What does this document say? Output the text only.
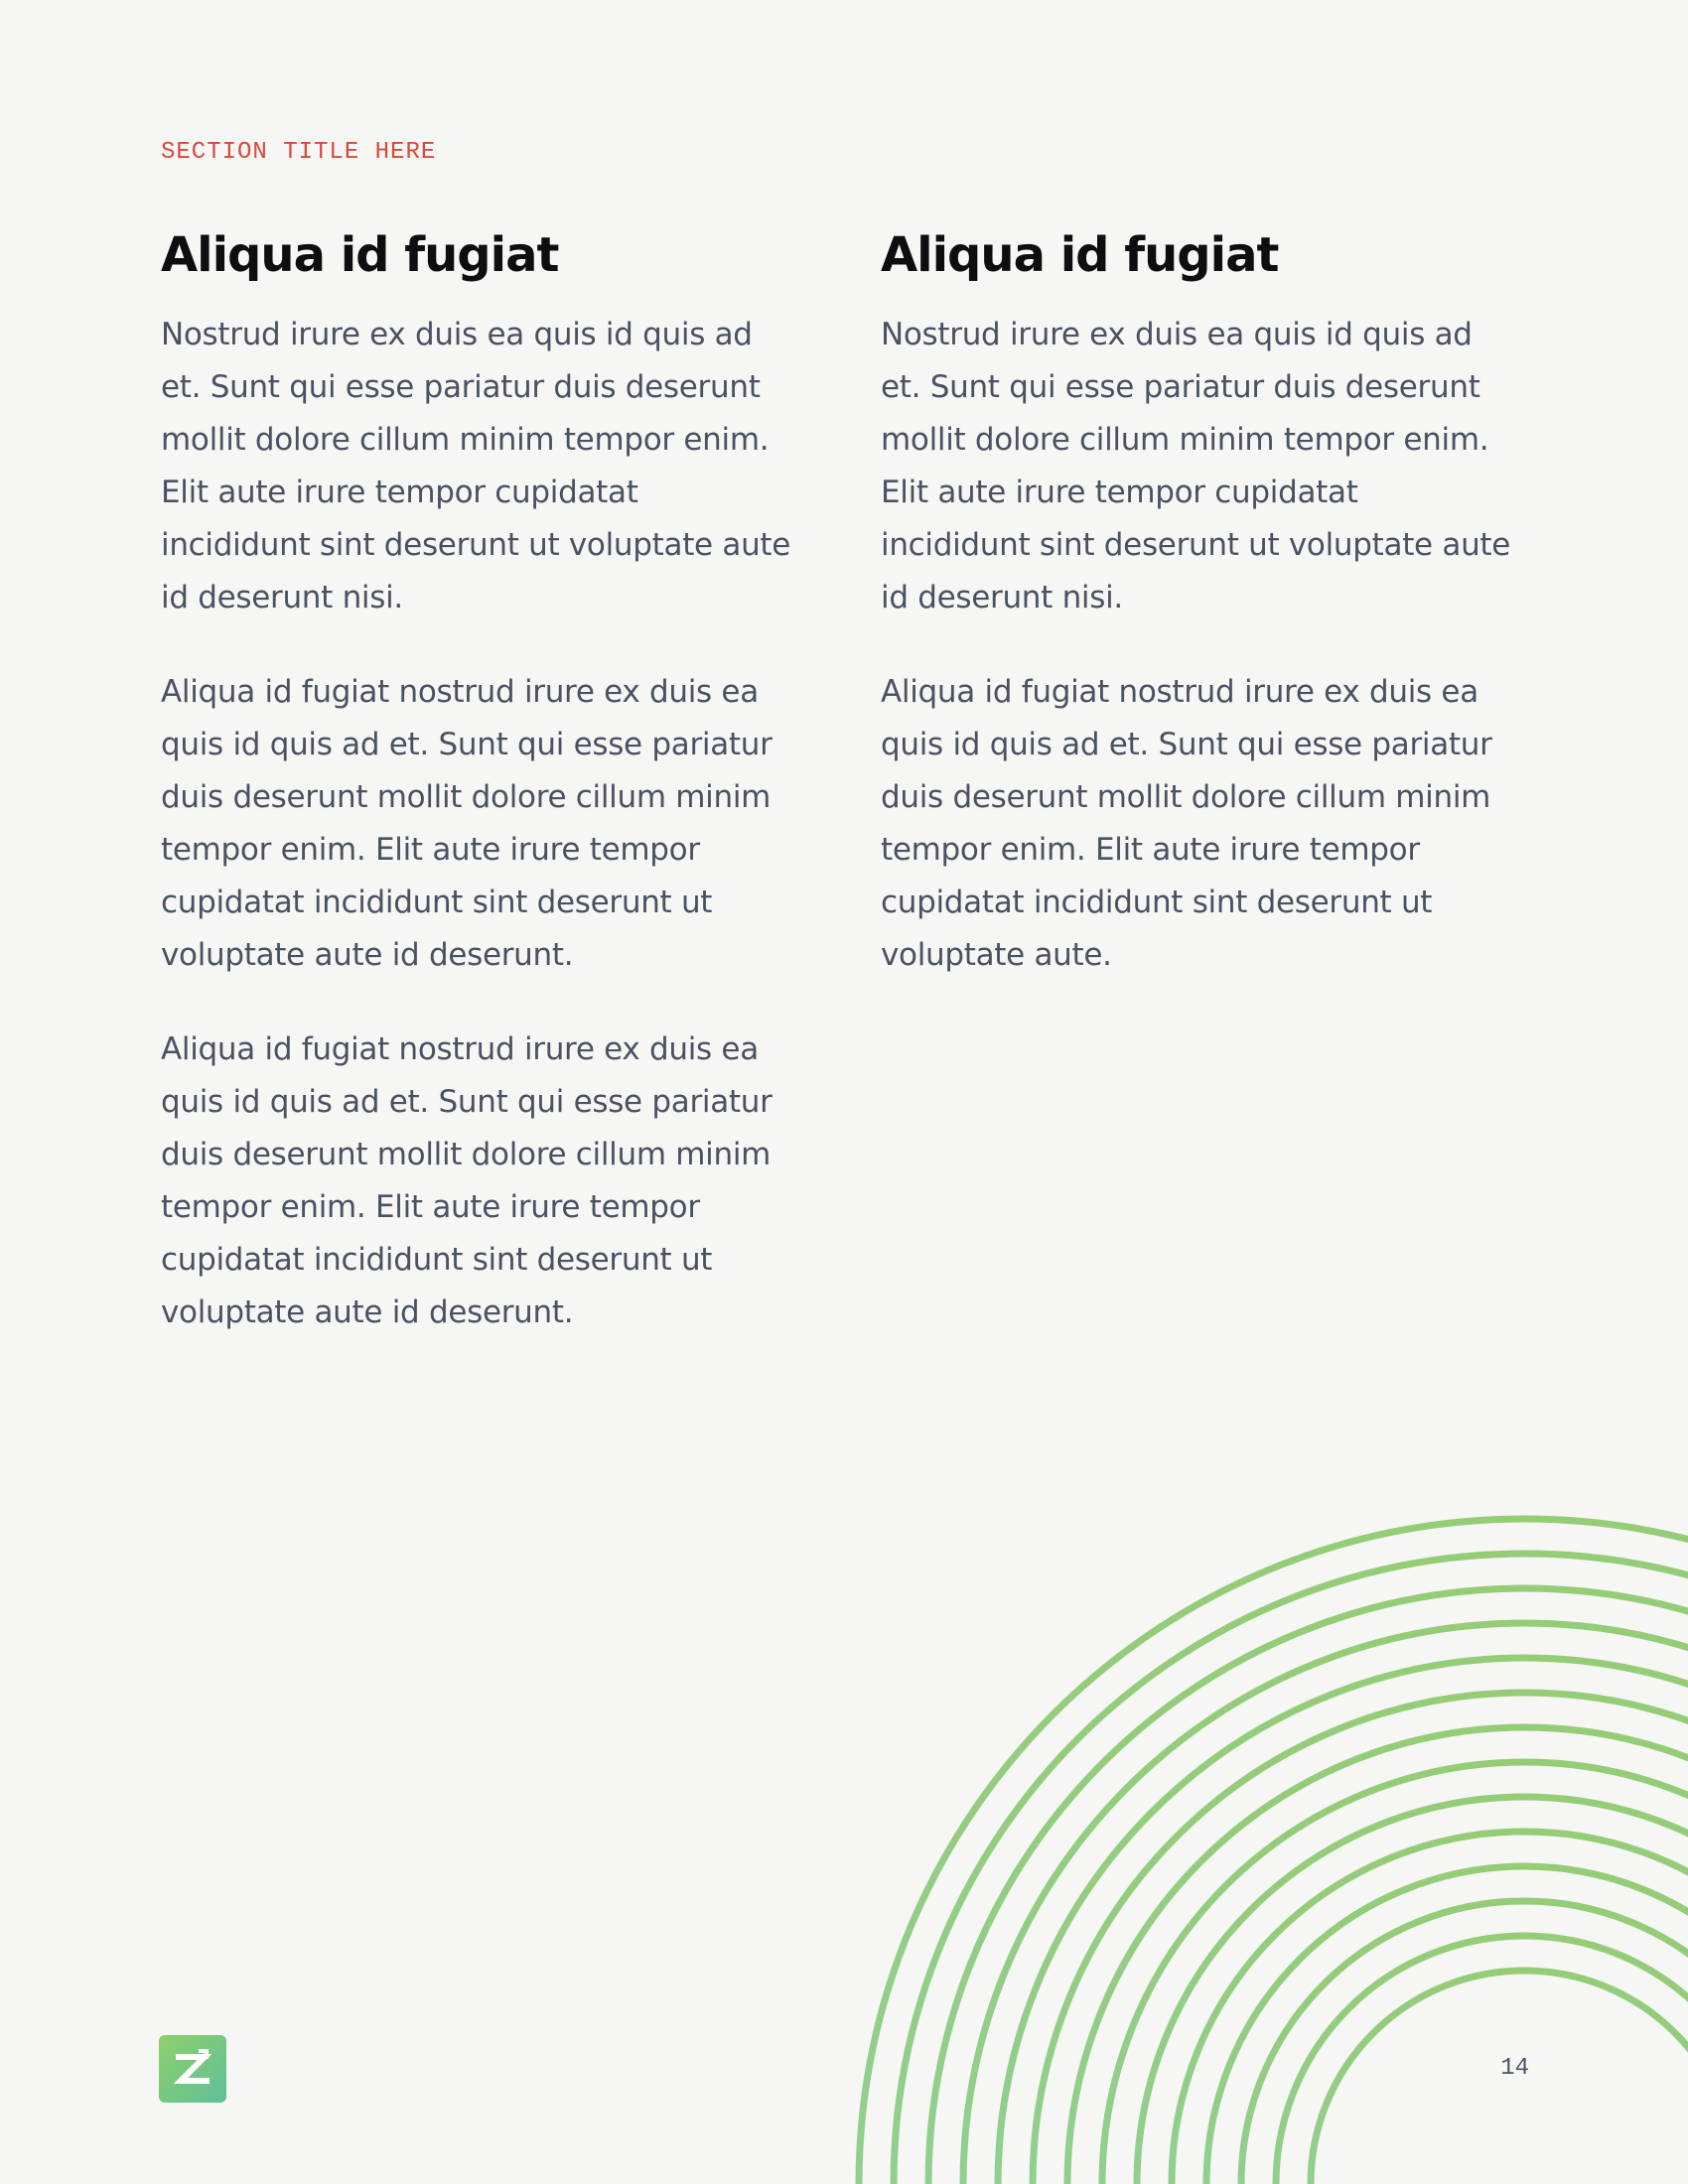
SECTION TITLE HERE

Aliqua id fugiat

Nostrud irure ex duis ea quis id quis ad et. Sunt qui esse pariatur duis deserunt mollit dolore cillum minim tempor enim. Elit aute irure tempor cupidatat incididunt sint deserunt ut voluptate aute id deserunt nisi.

Aliqua id fugiat nostrud irure ex duis ea quis id quis ad et. Sunt qui esse pariatur duis deserunt mollit dolore cillum minim tempor enim. Elit aute irure tempor cupidatat incididunt sint deserunt ut voluptate aute id deserunt.

Aliqua id fugiat nostrud irure ex duis ea quis id quis ad et. Sunt qui esse pariatur duis deserunt mollit dolore cillum minim tempor enim. Elit aute irure tempor cupidatat incididunt sint deserunt ut voluptate aute id deserunt.

Aliqua id fugiat

Nostrud irure ex duis ea quis id quis ad et. Sunt qui esse pariatur duis deserunt mollit dolore cillum minim tempor enim. Elit aute irure tempor cupidatat incididunt sint deserunt ut voluptate aute id deserunt nisi.

Aliqua id fugiat nostrud irure ex duis ea quis id quis ad et. Sunt qui esse pariatur duis deserunt mollit dolore cillum minim tempor enim. Elit aute irure tempor cupidatat incididunt sint deserunt ut voluptate aute.

14
